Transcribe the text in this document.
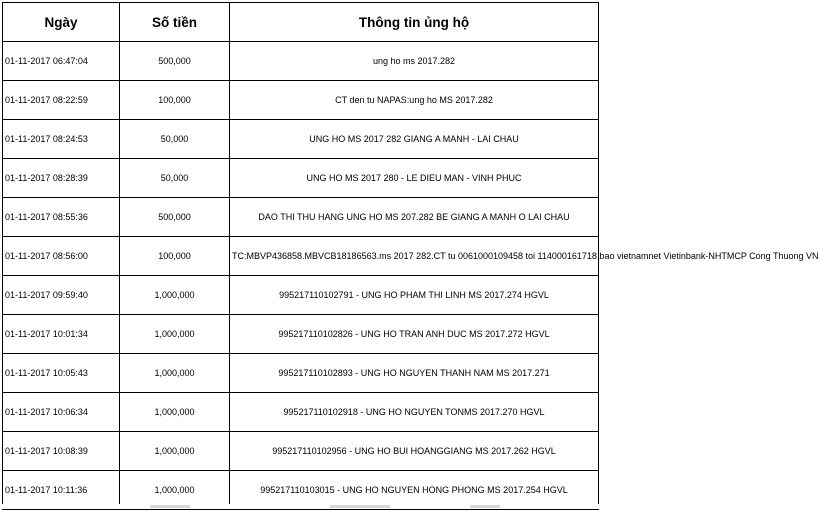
Ngày	Số tiền	Thông tin ủng hộ
01-11-2017 06:47:04	500,000	ung ho ms 2017.282
01-11-2017 08:22:59	100,000	CT den tu NAPAS:ung ho MS 2017.282
01-11-2017 08:24:53	50,000	UNG HO MS 2017 282 GIANG A MANH - LAI CHAU
01-11-2017 08:28:39	50,000	UNG HO MS 2017 280 - LE DIEU MAN - VINH PHUC
01-11-2017 08:55:36	500,000	DAO THI THU HANG UNG HO MS 207.282 BE GIANG A MANH O LAI CHAU
01-11-2017 08:56:00	100,000	TC:MBVP436858.MBVCB18186563.ms 2017 282.CT tu 0061000109458 toi 114000161718 bao vietnamnet Vietinbank-NHTMCP Cong Thuong VN
01-11-2017 09:59:40	1,000,000	995217110102791 - UNG HO PHAM THI LINH MS 2017.274 HGVL
01-11-2017 10:01:34	1,000,000	995217110102826 - UNG HO TRAN ANH DUC MS 2017.272 HGVL
01-11-2017 10:05:43	1,000,000	995217110102893 - UNG HO NGUYEN THANH NAM MS 2017.271
01-11-2017 10:06:34	1,000,000	995217110102918 - UNG HO NGUYEN TONMS 2017.270 HGVL
01-11-2017 10:08:39	1,000,000	995217110102956 - UNG HO BUI HOANGGIANG MS 2017.262 HGVL
01-11-2017 10:11:36	1,000,000	995217110103015 - UNG HO NGUYEN HONG PHONG MS 2017.254 HGVL
